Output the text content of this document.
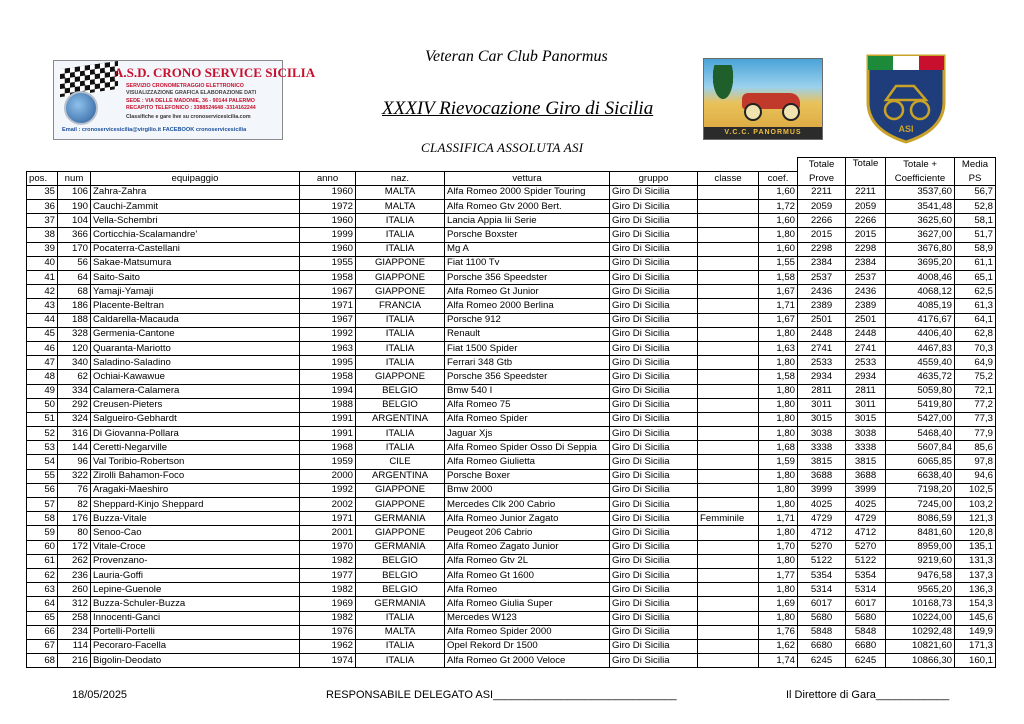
A.S.D. CRONO SERVICE SICILIA
SERVIZIO CRONOMETRAGGIO ELETTRONICO
VISUALIZZAZIONE GRAFICA ELABORAZIONE DATI
SEDE : VIA DELLE MADONIE, 36 - 90144 PALERMO
RECAPITO TELEFONICO : 3388524648 -3314162244
Classifiche e gare live su cronoservicesicilia.com
Email : cronoservicesicilia@virgilio.it FACEBOOK cronoservicesicilia
Veteran Car Club Panormus
XXXIV Rievocazione Giro di Sicilia
CLASSIFICA ASSOLUTA ASI
V.C.C. PANORMUS	ASI
									Totale	Totale	Totale +	Media
pos.	num	equipaggio	anno	naz.	vettura	gruppo	classe	coef.	Prove		Coefficiente	PS
35	106	Zahra-Zahra	1960	MALTA	Alfa Romeo 2000 Spider Touring	Giro Di Sicilia		1,60	2211	2211	3537,60	56,7
36	190	Cauchi-Zammit	1972	MALTA	Alfa Romeo Gtv 2000 Bert.	Giro Di Sicilia		1,72	2059	2059	3541,48	52,8
37	104	Vella-Schembri	1960	ITALIA	Lancia Appia Iii Serie	Giro Di Sicilia		1,60	2266	2266	3625,60	58,1
38	366	Corticchia-Scalamandre'	1999	ITALIA	Porsche Boxster	Giro Di Sicilia		1,80	2015	2015	3627,00	51,7
39	170	Pocaterra-Castellani	1960	ITALIA	Mg A	Giro Di Sicilia		1,60	2298	2298	3676,80	58,9
40	56	Sakae-Matsumura	1955	GIAPPONE	Fiat 1100 Tv	Giro Di Sicilia		1,55	2384	2384	3695,20	61,1
41	64	Saito-Saito	1958	GIAPPONE	Porsche 356 Speedster	Giro Di Sicilia		1,58	2537	2537	4008,46	65,1
42	68	Yamaji-Yamaji	1967	GIAPPONE	Alfa Romeo Gt Junior	Giro Di Sicilia		1,67	2436	2436	4068,12	62,5
43	186	Placente-Beltran	1971	FRANCIA	Alfa Romeo 2000 Berlina	Giro Di Sicilia		1,71	2389	2389	4085,19	61,3
44	188	Caldarella-Macauda	1967	ITALIA	Porsche 912	Giro Di Sicilia		1,67	2501	2501	4176,67	64,1
45	328	Germenia-Cantone	1992	ITALIA	Renault	Giro Di Sicilia		1,80	2448	2448	4406,40	62,8
46	120	Quaranta-Mariotto	1963	ITALIA	Fiat 1500 Spider	Giro Di Sicilia		1,63	2741	2741	4467,83	70,3
47	340	Saladino-Saladino	1995	ITALIA	Ferrari 348 Gtb	Giro Di Sicilia		1,80	2533	2533	4559,40	64,9
48	62	Ochiai-Kawawue	1958	GIAPPONE	Porsche 356 Speedster	Giro Di Sicilia		1,58	2934	2934	4635,72	75,2
49	334	Calamera-Calamera	1994	BELGIO	Bmw 540 I	Giro Di Sicilia		1,80	2811	2811	5059,80	72,1
50	292	Creusen-Pieters	1988	BELGIO	Alfa Romeo 75	Giro Di Sicilia		1,80	3011	3011	5419,80	77,2
51	324	Salgueiro-Gebhardt	1991	ARGENTINA	Alfa Romeo Spider	Giro Di Sicilia		1,80	3015	3015	5427,00	77,3
52	316	Di Giovanna-Pollara	1991	ITALIA	Jaguar Xjs	Giro Di Sicilia		1,80	3038	3038	5468,40	77,9
53	144	Ceretti-Negarville	1968	ITALIA	Alfa Romeo Spider Osso Di Seppia	Giro Di Sicilia		1,68	3338	3338	5607,84	85,6
54	96	Val Toribio-Robertson	1959	CILE	Alfa Romeo Giulietta	Giro Di Sicilia		1,59	3815	3815	6065,85	97,8
55	322	Zirolli Bahamon-Foco	2000	ARGENTINA	Porsche Boxer	Giro Di Sicilia		1,80	3688	3688	6638,40	94,6
56	76	Aragaki-Maeshiro	1992	GIAPPONE	Bmw 2000	Giro Di Sicilia		1,80	3999	3999	7198,20	102,5
57	82	Sheppard-Kinjo Sheppard	2002	GIAPPONE	Mercedes Clk 200 Cabrio	Giro Di Sicilia		1,80	4025	4025	7245,00	103,2
58	176	Buzza-Vitale	1971	GERMANIA	Alfa Romeo Junior Zagato	Giro Di Sicilia	Femminile	1,71	4729	4729	8086,59	121,3
59	80	Senoo-Cao	2001	GIAPPONE	Peugeot 206 Cabrio	Giro Di Sicilia		1,80	4712	4712	8481,60	120,8
60	172	Vitale-Croce	1970	GERMANIA	Alfa Romeo Zagato Junior	Giro Di Sicilia		1,70	5270	5270	8959,00	135,1
61	262	Provenzano-	1982	BELGIO	Alfa Romeo Gtv 2L	Giro Di Sicilia		1,80	5122	5122	9219,60	131,3
62	236	Lauria-Goffi	1977	BELGIO	Alfa Romeo Gt 1600	Giro Di Sicilia		1,77	5354	5354	9476,58	137,3
63	260	Lepine-Guenole	1982	BELGIO	Alfa Romeo	Giro Di Sicilia		1,80	5314	5314	9565,20	136,3
64	312	Buzza-Schuler-Buzza	1969	GERMANIA	Alfa Romeo Giulia Super	Giro Di Sicilia		1,69	6017	6017	10168,73	154,3
65	258	Innocenti-Ganci	1982	ITALIA	Mercedes W123	Giro Di Sicilia		1,80	5680	5680	10224,00	145,6
66	234	Portelli-Portelli	1976	MALTA	Alfa Romeo Spider 2000	Giro Di Sicilia		1,76	5848	5848	10292,48	149,9
67	114	Pecoraro-Facella	1962	ITALIA	Opel Rekord Dr 1500	Giro Di Sicilia		1,62	6680	6680	10821,60	171,3
68	216	Bigolin-Deodato	1974	ITALIA	Alfa Romeo Gt 2000 Veloce	Giro Di Sicilia		1,74	6245	6245	10866,30	160,1
18/05/2025	RESPONSABILE DELEGATO ASI______________________________	Il Direttore di Gara____________
